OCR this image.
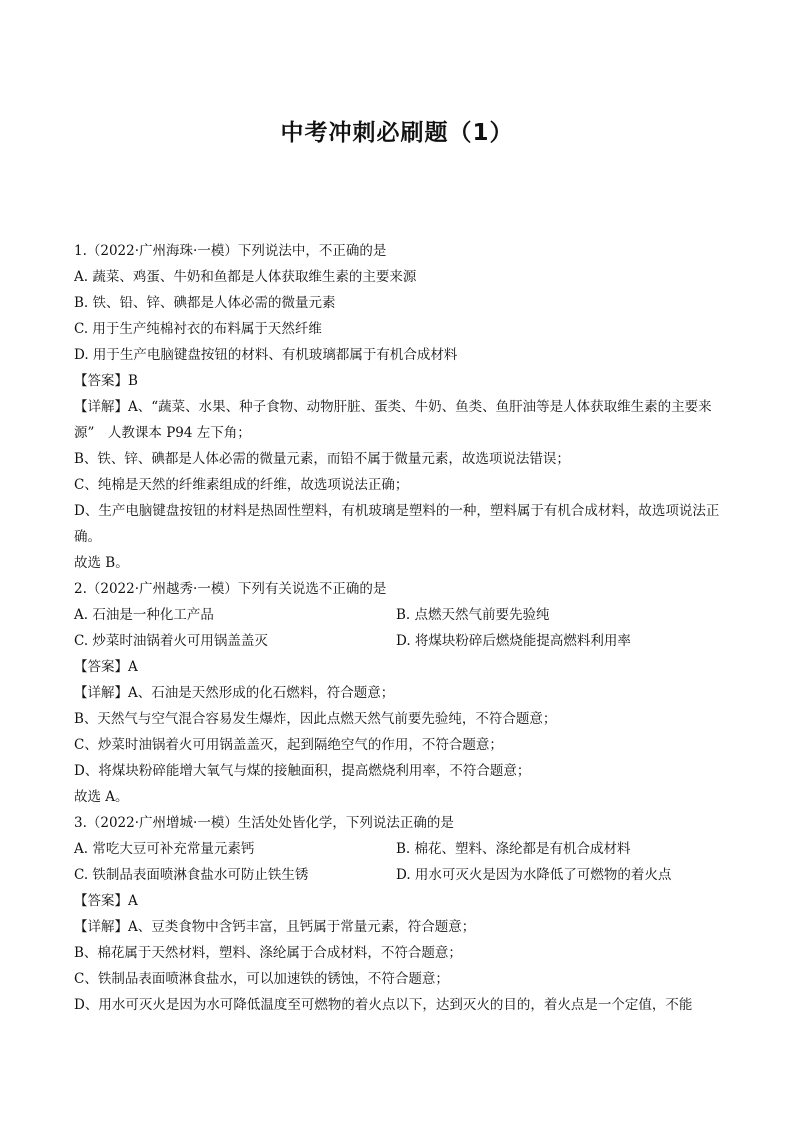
中考冲刺必刷题（1）
1.（2022·广州海珠·一模）下列说法中，不正确的是
A. 蔬菜、鸡蛋、牛奶和鱼都是人体获取维生素的主要来源
B. 铁、铅、锌、碘都是人体必需的微量元素
C. 用于生产纯棉衬衣的布料属于天然纤维
D. 用于生产电脑键盘按钮的材料、有机玻璃都属于有机合成材料
【答案】B
【详解】A、“蔬菜、水果、种子食物、动物肝脏、蛋类、牛奶、鱼类、鱼肝油等是人体获取维生素的主要来源”　人教课本 P94 左下角；
B、铁、锌、碘都是人体必需的微量元素，而铅不属于微量元素，故选项说法错误；
C、纯棉是天然的纤维素组成的纤维，故选项说法正确；
D、生产电脑键盘按钮的材料是热固性塑料，有机玻璃是塑料的一种，塑料属于有机合成材料，故选项说法正确。
故选 B。
2.（2022·广州越秀·一模）下列有关说选不正确的是
A. 石油是一种化工产品	B. 点燃天然气前要先验纯
C. 炒菜时油锅着火可用锅盖盖灭	D. 将煤块粉碎后燃烧能提高燃料利用率
【答案】A
【详解】A、石油是天然形成的化石燃料，符合题意；
B、天然气与空气混合容易发生爆炸，因此点燃天然气前要先验纯，不符合题意；
C、炒菜时油锅着火可用锅盖盖灭，起到隔绝空气的作用，不符合题意；
D、将煤块粉碎能增大氧气与煤的接触面积，提高燃烧利用率，不符合题意；
故选 A。
3.（2022·广州增城·一模）生活处处皆化学，下列说法正确的是
A. 常吃大豆可补充常量元素钙	B. 棉花、塑料、涤纶都是有机合成材料
C. 铁制品表面喷淋食盐水可防止铁生锈	D. 用水可灭火是因为水降低了可燃物的着火点
【答案】A
【详解】A、豆类食物中含钙丰富，且钙属于常量元素，符合题意；
B、棉花属于天然材料，塑料、涤纶属于合成材料，不符合题意；
C、铁制品表面喷淋食盐水，可以加速铁的锈蚀，不符合题意；
D、用水可灭火是因为水可降低温度至可燃物的着火点以下，达到灭火的目的，着火点是一个定值，不能
